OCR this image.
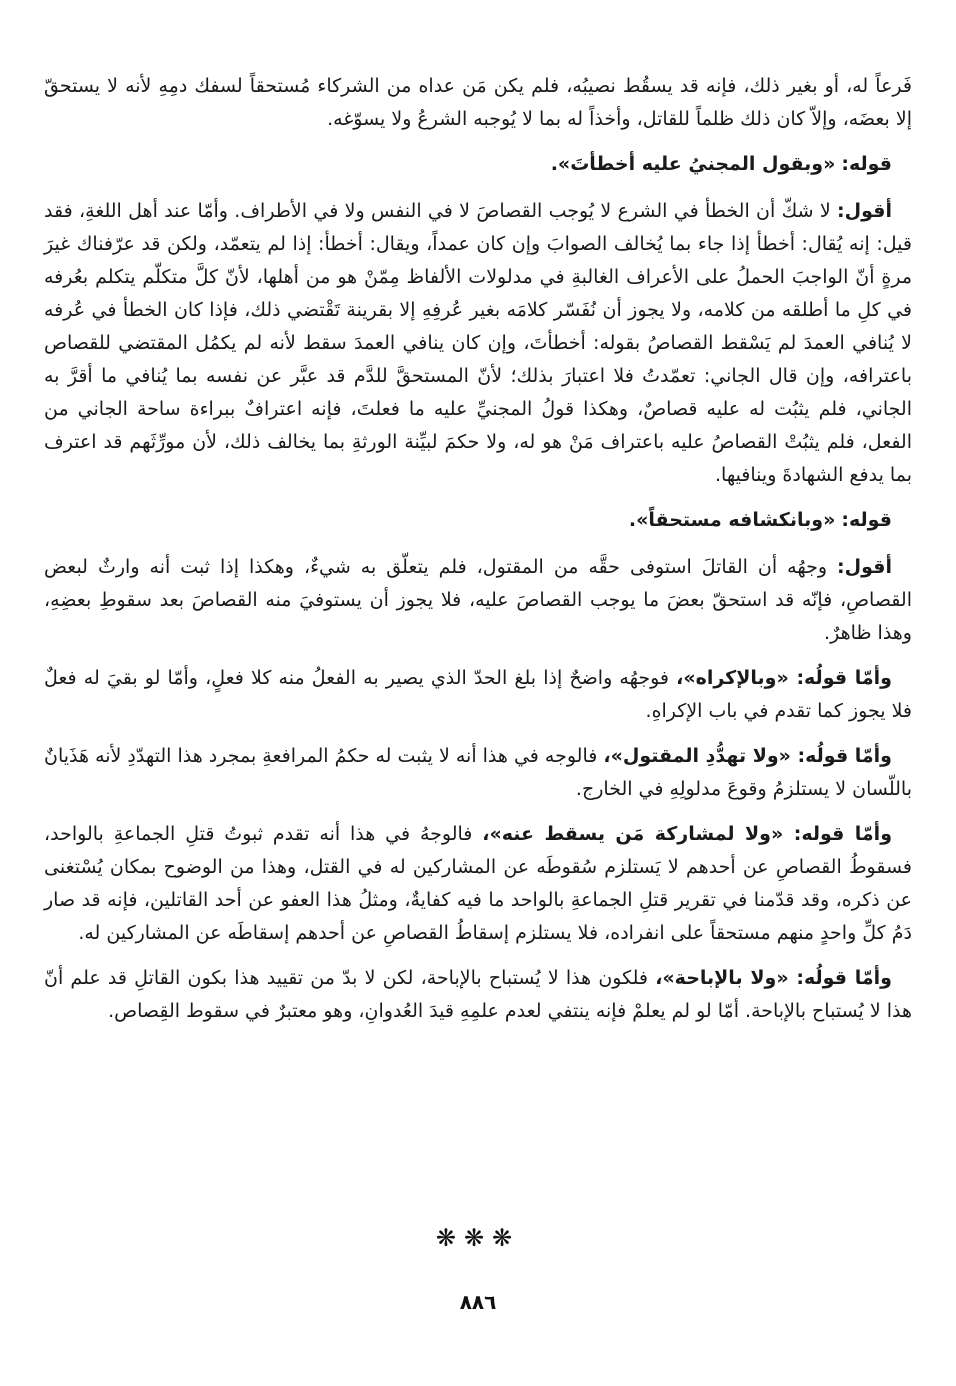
فَرعاً له، أو بغير ذلك، فإنه قد يسقُط نصيبُه، فلم يكن مَن عداه من الشركاء مُستحقاً لسفك دمِهِ لأنه لا يستحقّ إلا بعضَه، وإلاّ كان ذلك ظلماً للقاتل، وأخذاً له بما لا يُوجبه الشرعُ ولا يسوّغه.

قوله: «وبقول المجنيُ عليه أخطأتَ».

أقول: لا شكّ أن الخطأ في الشرع لا يُوجب القصاصَ لا في النفس ولا في الأطراف. وأمّا عند أهل اللغةِ، فقد قيل: إنه يُقال: أخطأ إذا جاء بما يُخالف الصوابَ وإن كان عمداً، ويقال: أخطأ: إذا لم يتعمّد، ولكن قد عرّفناك غيرَ مرةٍ أنّ الواجبَ الحملُ على الأعراف الغالبةِ في مدلولات الألفاظ مِمّنْ هو من أهلها، لأنّ كلَّ متكلّم يتكلم بعُرفه في كلِ ما أطلقه من كلامه، ولا يجوز أن نُفَسّر كلامَه بغير عُرفِهِ إلا بقرينة تَقْتضي ذلك، فإذا كان الخطأ في عُرفه لا يُنافي العمدَ لم يَسْقط القصاصُ بقوله: أخطأتَ، وإن كان ينافي العمدَ سقط لأنه لم يكمُل المقتضي للقصاص باعترافه، وإن قال الجاني: تعمّدتُ فلا اعتبارَ بذلك؛ لأنّ المستحقَّ للدَّم قد عبَّر عن نفسه بما يُنافي ما أقرَّ به الجاني، فلم يثبُت له عليه قصاصٌ، وهكذا قولُ المجنيِّ عليه ما فعلتَ، فإنه اعترافٌ ببراءة ساحة الجاني من الفعل، فلم يثبُتْ القصاصُ عليه باعتراف مَنْ هو له، ولا حكمَ لبيِّنة الورثةِ بما يخالف ذلك، لأن مورِّثَهم قد اعترف بما يدفع الشهادةَ وينافيها.

قوله: «وبانكشافه مستحقاً».

أقول: وجهُه أن القاتلَ استوفى حقَّه من المقتول، فلم يتعلّق به شيءٌ، وهكذا إذا ثبت أنه وارثٌ لبعض القصاصِ، فإنّه قد استحقّ بعضَ ما يوجب القصاصَ عليه، فلا يجوز أن يستوفيَ منه القصاصَ بعد سقوطِ بعضِهِ، وهذا ظاهرٌ.

وأمّا قولُه: «وبالإكراه»، فوجهُه واضحٌ إذا بلغ الحدّ الذي يصير به الفعلُ منه كلا فعلٍ، وأمّا لو بقيَ له فعلٌ فلا يجوز كما تقدم في باب الإكراهِ.

وأمّا قولُه: «ولا تهدُّدِ المقتول»، فالوجه في هذا أنه لا يثبت له حكمُ المرافعةِ بمجرد هذا التهدّدِ لأنه هَذَيانٌ باللّسان لا يستلزمُ وقوعَ مدلولِهِ في الخارج.

وأمّا قوله: «ولا لمشاركة مَن يسقط عنه»، فالوجهُ في هذا أنه تقدم ثبوتُ قتلِ الجماعةِ بالواحد، فسقوطُ القصاصِ عن أحدهم لا يَستلزم سُقوطَه عن المشاركين له في القتل، وهذا من الوضوح بمكان يُسْتغنى عن ذكره، وقد قدّمنا في تقرير قتلِ الجماعةِ بالواحد ما فيه كفايةٌ، ومثلُ هذا العفو عن أحد القاتلين، فإنه قد صار دَمُ كلِّ واحدٍ منهم مستحقاً على انفراده، فلا يستلزم إسقاطُ القصاصِ عن أحدهم إسقاطَه عن المشاركين له.

وأمّا قولُه: «ولا بالإباحة»، فلكون هذا لا يُستباح بالإباحة، لكن لا بدّ من تقييد هذا بكون القاتلِ قد علم أنّ هذا لا يُستباح بالإباحة. أمّا لو لم يعلمْ فإنه ينتفي لعدم علمِهِ قيدَ العُدوانِ، وهو معتبرٌ في سقوط القِصاص.

❋❋❋
٨٨٦
